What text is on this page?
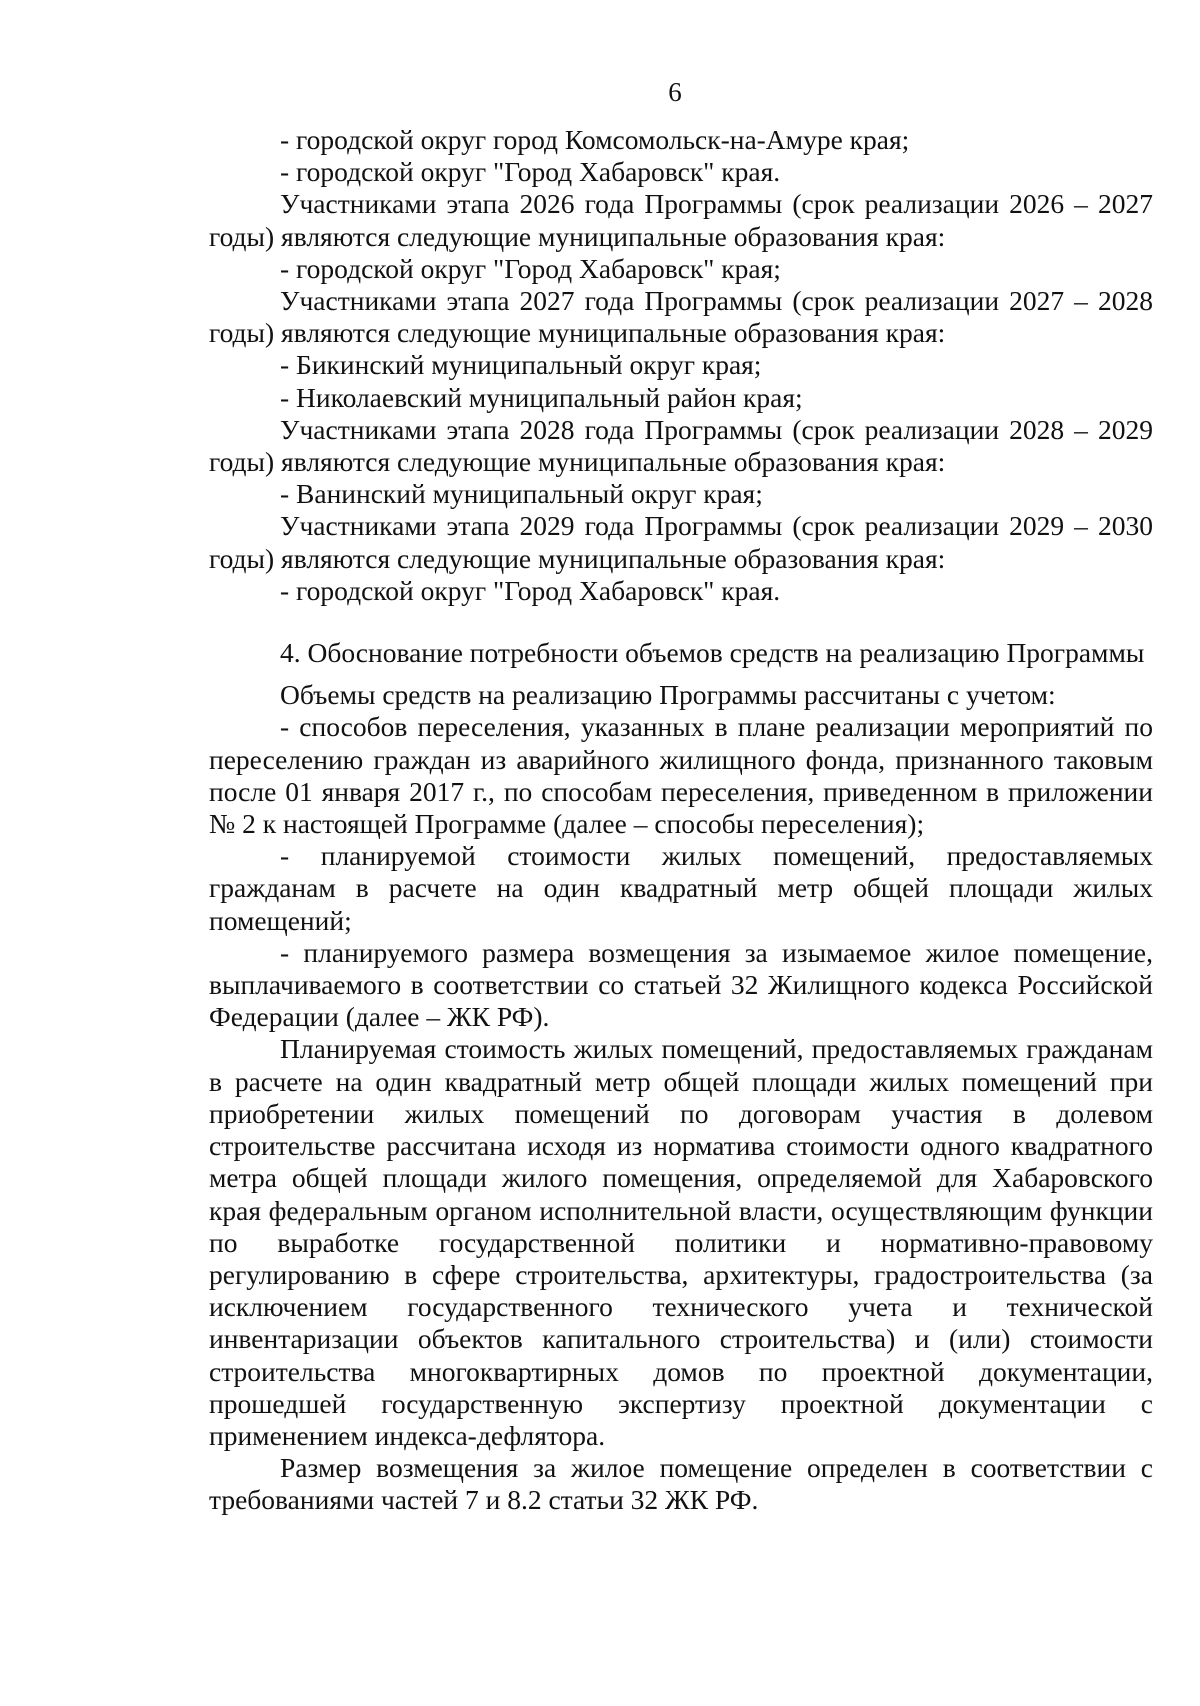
6

- городской округ город Комсомольск-на-Амуре края;

- городской округ "Город Хабаровск" края.

Участниками этапа 2026 года Программы (срок реализации 2026 – 2027 годы) являются следующие муниципальные образования края:

- городской округ "Город Хабаровск" края;

Участниками этапа 2027 года Программы (срок реализации 2027 – 2028 годы) являются следующие муниципальные образования края:

- Бикинский муниципальный округ края;

- Николаевский муниципальный район края;

Участниками этапа 2028 года Программы (срок реализации 2028 – 2029 годы) являются следующие муниципальные образования края:

- Ванинский муниципальный округ края;

Участниками этапа 2029 года Программы (срок реализации 2029 – 2030 годы) являются следующие муниципальные образования края:

- городской округ "Город Хабаровск" края.

4. Обоснование потребности объемов средств на реализацию Программы

Объемы средств на реализацию Программы рассчитаны с учетом:

- способов переселения, указанных в плане реализации мероприятий по переселению граждан из аварийного жилищного фонда, признанного таковым после 01 января 2017 г., по способам переселения, приведенном в приложении № 2 к настоящей Программе (далее – способы переселения);

- планируемой стоимости жилых помещений, предоставляемых гражданам в расчете на один квадратный метр общей площади жилых помещений;

- планируемого размера возмещения за изымаемое жилое помещение, выплачиваемого в соответствии со статьей 32 Жилищного кодекса Российской Федерации (далее – ЖК РФ).

Планируемая стоимость жилых помещений, предоставляемых гражданам в расчете на один квадратный метр общей площади жилых помещений при приобретении жилых помещений по договорам участия в долевом строительстве рассчитана исходя из норматива стоимости одного квадратного метра общей площади жилого помещения, определяемой для Хабаровского края федеральным органом исполнительной власти, осуществляющим функции по выработке государственной политики и нормативно-правовому регулированию в сфере строительства, архитектуры, градостроительства (за исключением государственного технического учета и технической инвентаризации объектов капитального строительства) и (или) стоимости строительства многоквартирных домов по проектной документации, прошедшей государственную экспертизу проектной документации с применением индекса-дефлятора.

Размер возмещения за жилое помещение определен в соответствии с требованиями частей 7 и 8.2 статьи 32 ЖК РФ.
